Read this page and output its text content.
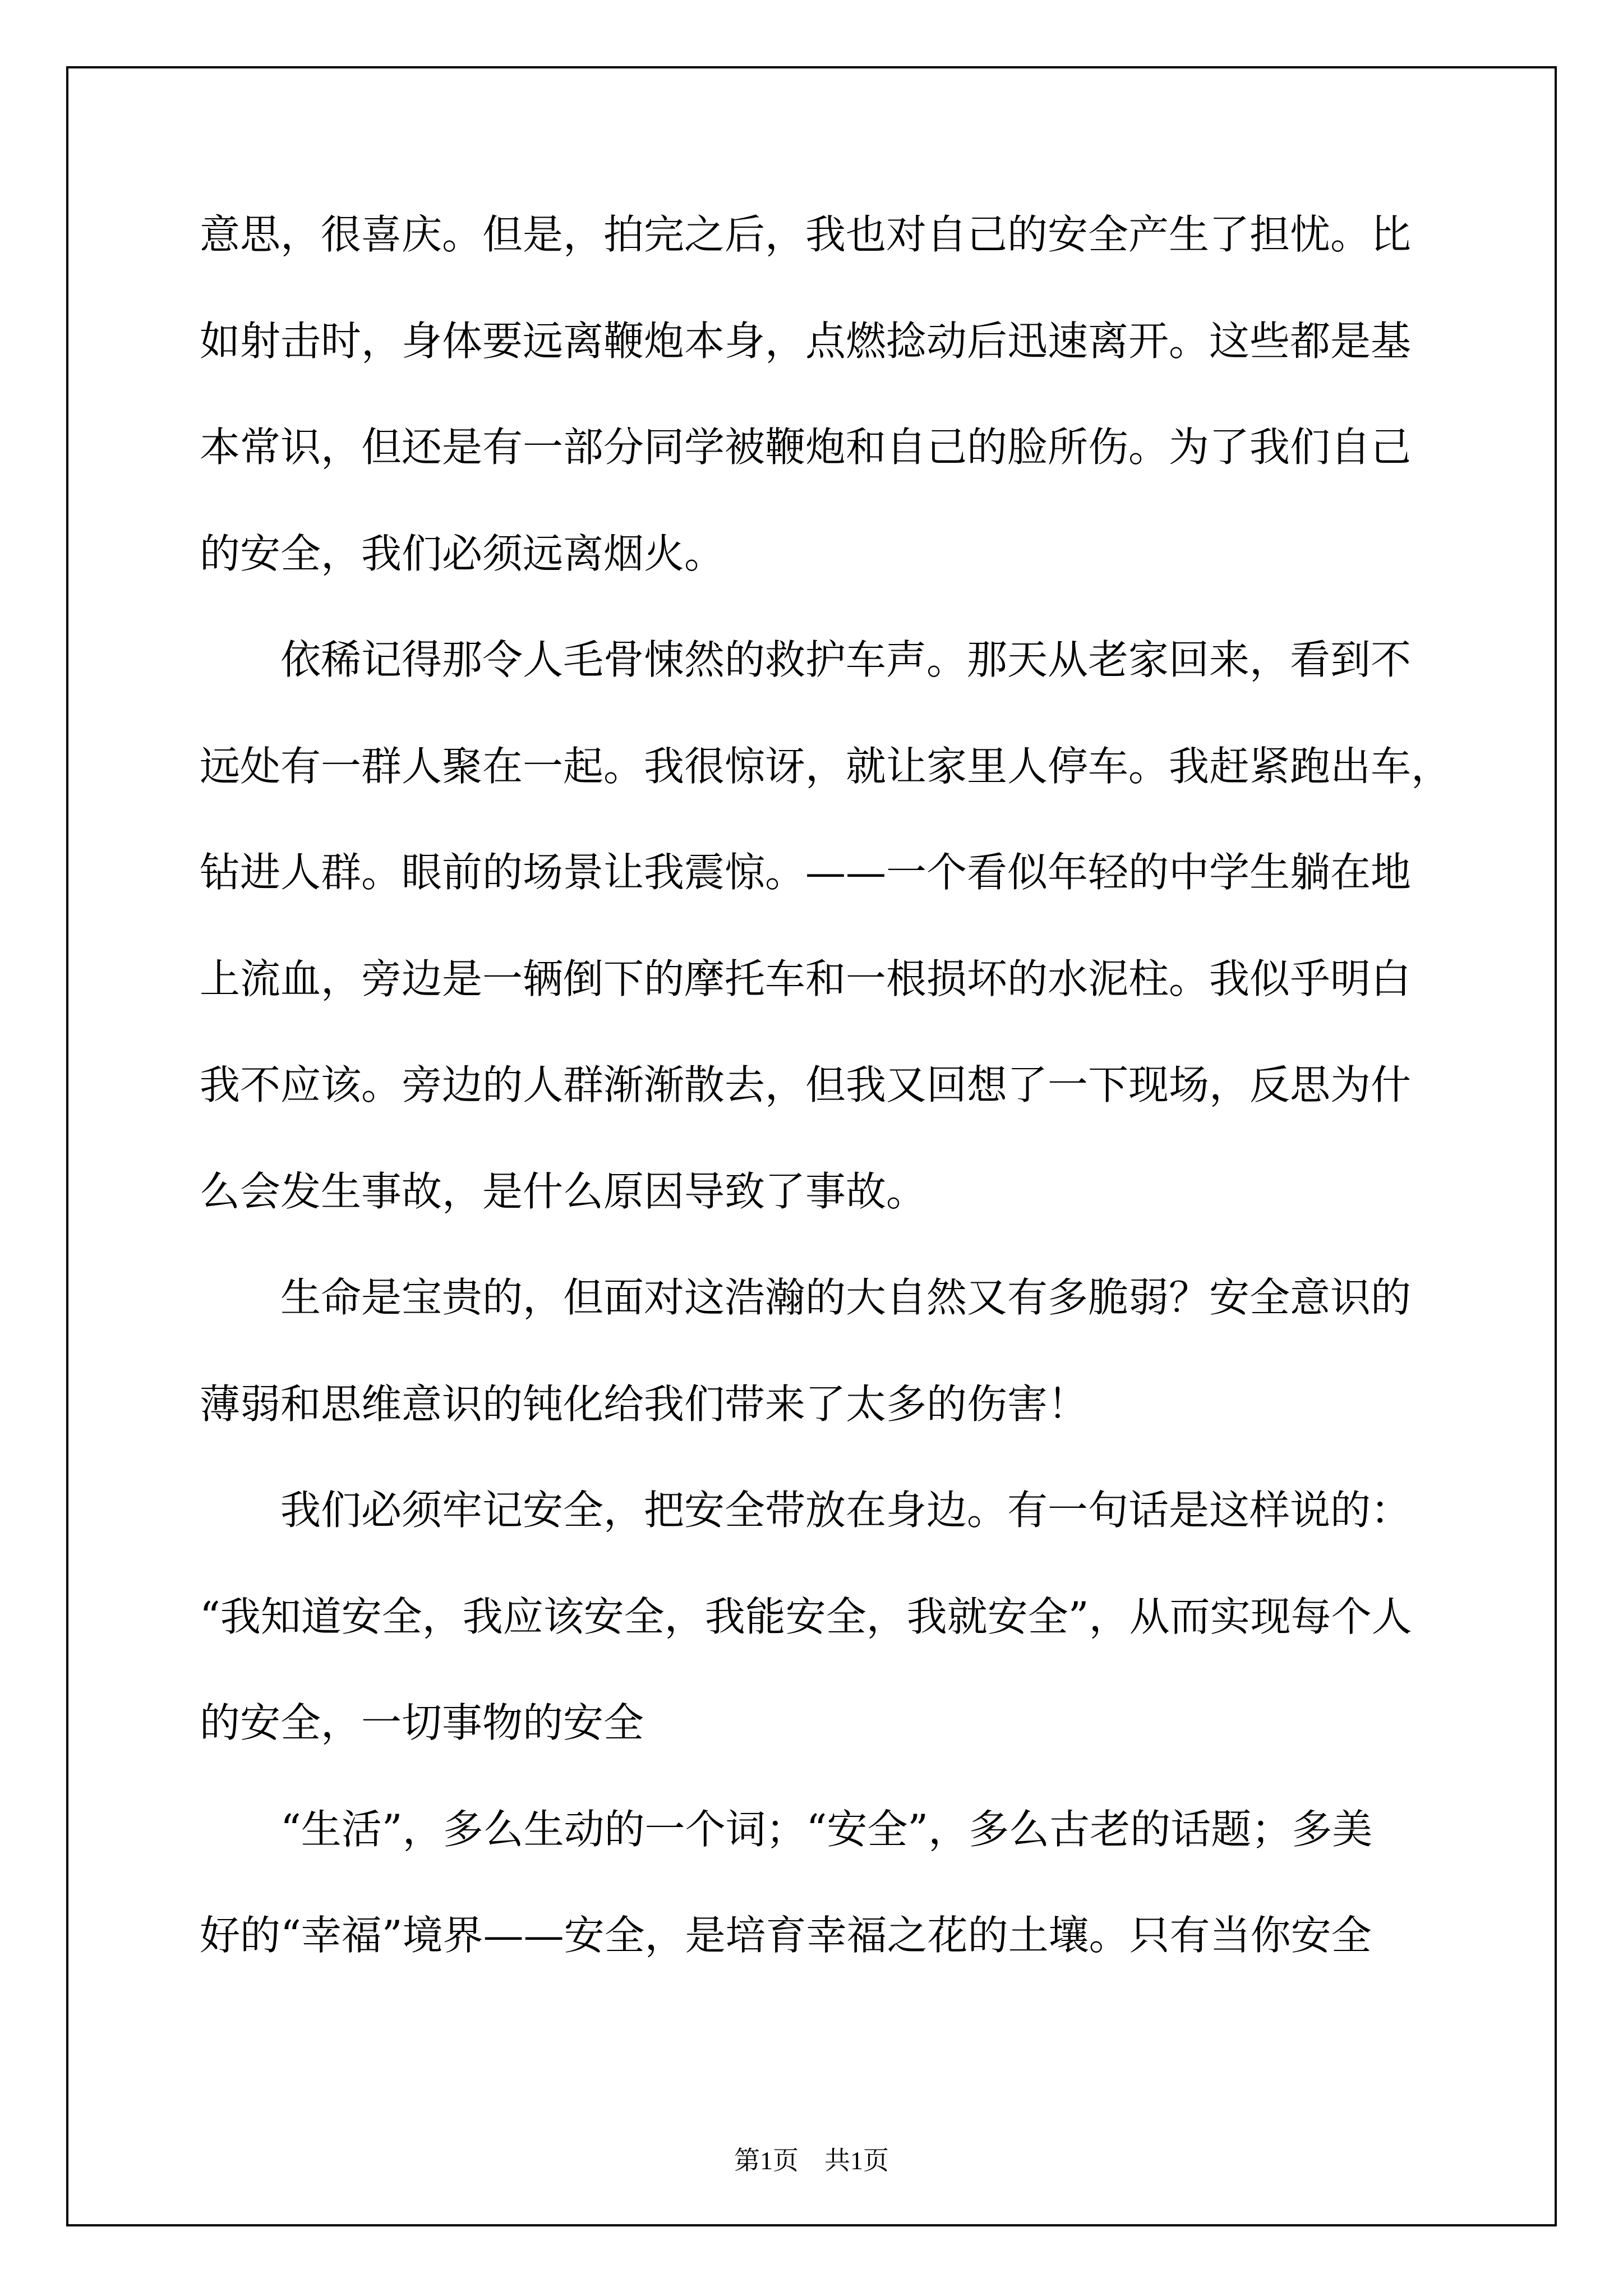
意思，很喜庆。但是，拍完之后，我也对自己的安全产生了担忧。比
如射击时，身体要远离鞭炮本身，点燃捻动后迅速离开。这些都是基
本常识，但还是有一部分同学被鞭炮和自己的脸所伤。为了我们自己
的安全，我们必须远离烟火。
　　依稀记得那令人毛骨悚然的救护车声。那天从老家回来，看到不
远处有一群人聚在一起。我很惊讶，就让家里人停车。我赶紧跑出车，
钻进人群。眼前的场景让我震惊。——一个看似年轻的中学生躺在地
上流血，旁边是一辆倒下的摩托车和一根损坏的水泥柱。我似乎明白
我不应该。旁边的人群渐渐散去，但我又回想了一下现场，反思为什
么会发生事故，是什么原因导致了事故。
　　生命是宝贵的，但面对这浩瀚的大自然又有多脆弱？安全意识的
薄弱和思维意识的钝化给我们带来了太多的伤害！
　　我们必须牢记安全，把安全带放在身边。有一句话是这样说的：
“我知道安全，我应该安全，我能安全，我就安全”，从而实现每个人
的安全，一切事物的安全
　　“生活”，多么生动的一个词；“安全”，多么古老的话题；多美
好的“幸福”境界——安全，是培育幸福之花的土壤。只有当你安全
第1页　共1页
